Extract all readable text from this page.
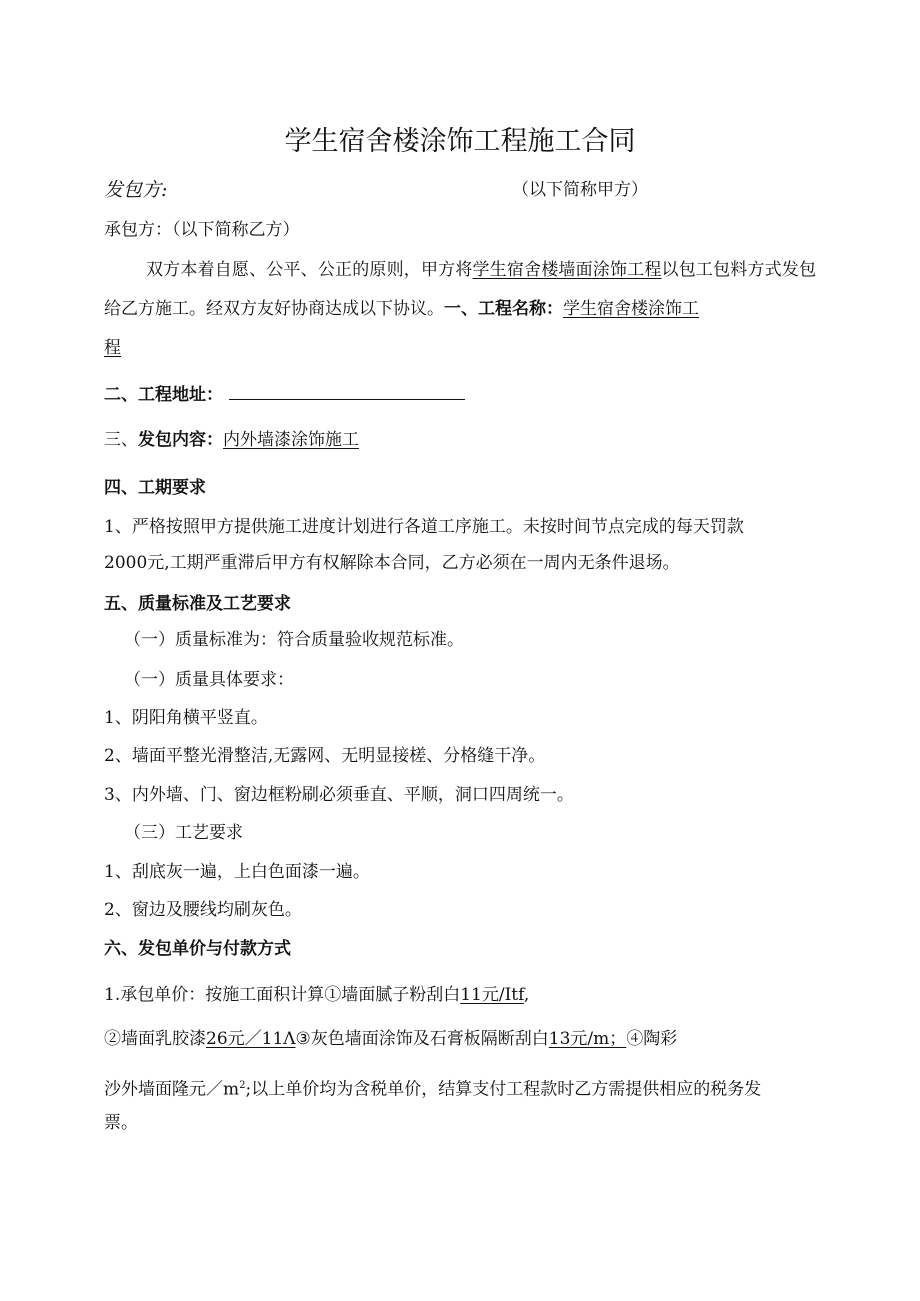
学生宿舍楼涂饰工程施工合同
发包方:	（以下简称甲方）
承包方：（以下简称乙方）
双方本着自愿、公平、公正的原则，甲方将学生宿舍楼墙面涂饰工程以包工包料方式发包给乙方施工。经双方友好协商达成以下协议。一、工程名称：学生宿舍楼涂饰工
程
二、工程地址：
三、发包内容：内外墙漆涂饰施工
四、工期要求
1、严格按照甲方提供施工进度计划进行各道工序施工。未按时间节点完成的每天罚款
2000元,工期严重滞后甲方有权解除本合同，乙方必须在一周内无条件退场。
五、质量标准及工艺要求
（一）质量标准为：符合质量验收规范标准。
（一）质量具体要求：
1、阴阳角横平竖直。
2、墙面平整光滑整洁,无露网、无明显接槎、分格缝干净。
3、内外墙、门、窗边框粉刷必须垂直、平顺，洞口四周统一。
（三）工艺要求
1、刮底灰一遍，上白色面漆一遍。
2、窗边及腰线均刷灰色。
六、发包单价与付款方式
1.承包单价：按施工面积计算①墙面腻子粉刮白11元/Itf,
②墙面乳胶漆26元／11Λ③灰色墙面涂饰及石膏板隔断刮白13元/m；④陶彩
沙外墙面隆元$/m^2$;以上单价均为含税单价，结算支付工程款时乙方需提供相应的税务发
票。
